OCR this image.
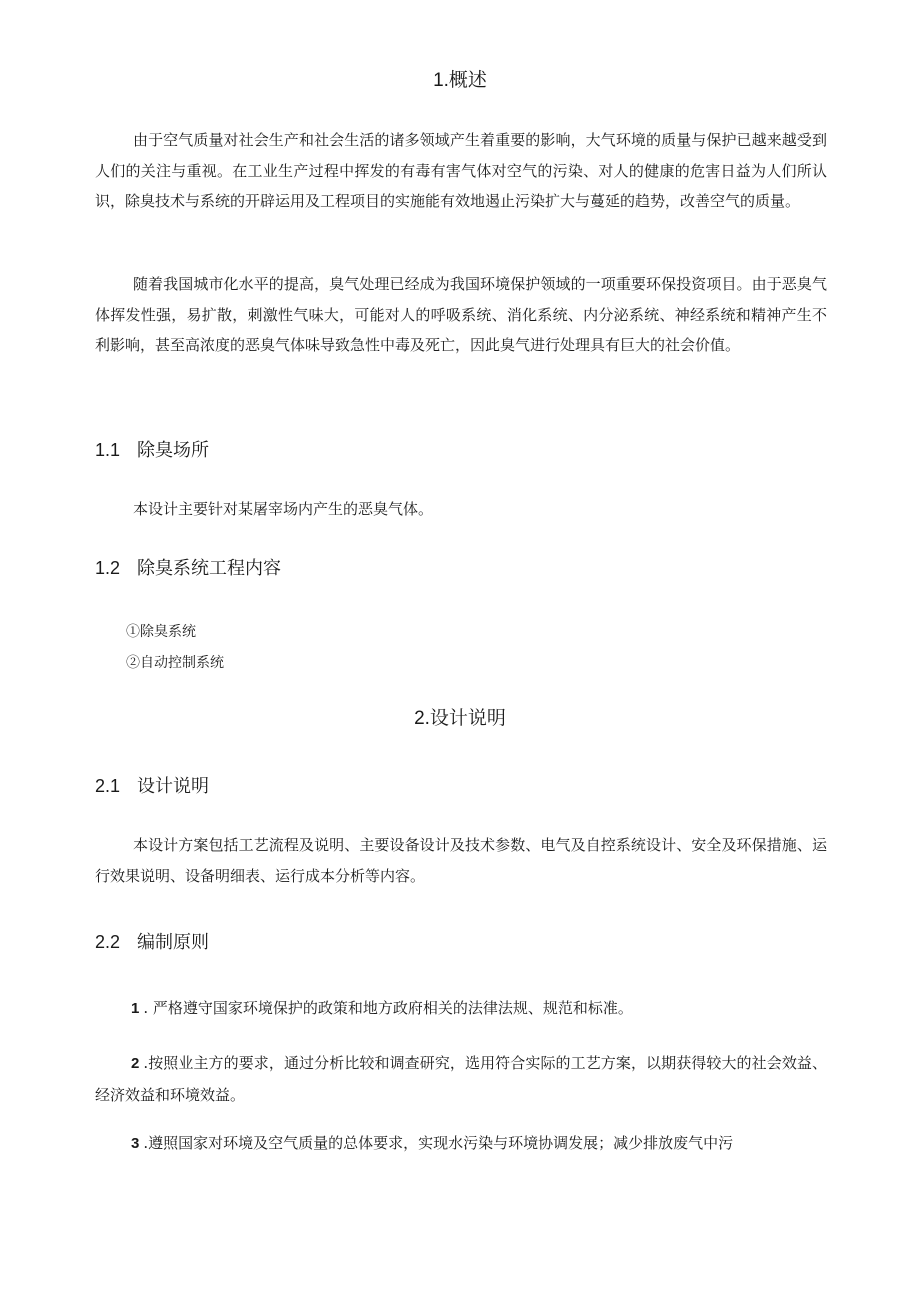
1.概述

由于空气质量对社会生产和社会生活的诸多领域产生着重要的影响，大气环境的质量与保护已越来越受到人们的关注与重视。在工业生产过程中挥发的有毒有害气体对空气的污染、对人的健康的危害日益为人们所认识，除臭技术与系统的开辟运用及工程项目的实施能有效地遏止污染扩大与蔓延的趋势，改善空气的质量。

随着我国城市化水平的提高，臭气处理已经成为我国环境保护领域的一项重要环保投资项目。由于恶臭气体挥发性强，易扩散，刺激性气味大，可能对人的呼吸系统、消化系统、内分泌系统、神经系统和精神产生不利影响，甚至高浓度的恶臭气体味导致急性中毒及死亡，因此臭气进行处理具有巨大的社会价值。

1.1 除臭场所

本设计主要针对某屠宰场内产生的恶臭气体。

1.2 除臭系统工程内容
①除臭系统
②自动控制系统
2.设计说明
2.1 设计说明

本设计方案包括工艺流程及说明、主要设备设计及技术参数、电气及自控系统设计、安全及环保措施、运行效果说明、设备明细表、运行成本分析等内容。

2.2 编制原则

1 . 严格遵守国家环境保护的政策和地方政府相关的法律法规、规范和标准。

2 .按照业主方的要求，通过分析比较和调查研究，选用符合实际的工艺方案，以期获得较大的社会效益、经济效益和环境效益。

3 .遵照国家对环境及空气质量的总体要求，实现水污染与环境协调发展；减少排放废气中污
